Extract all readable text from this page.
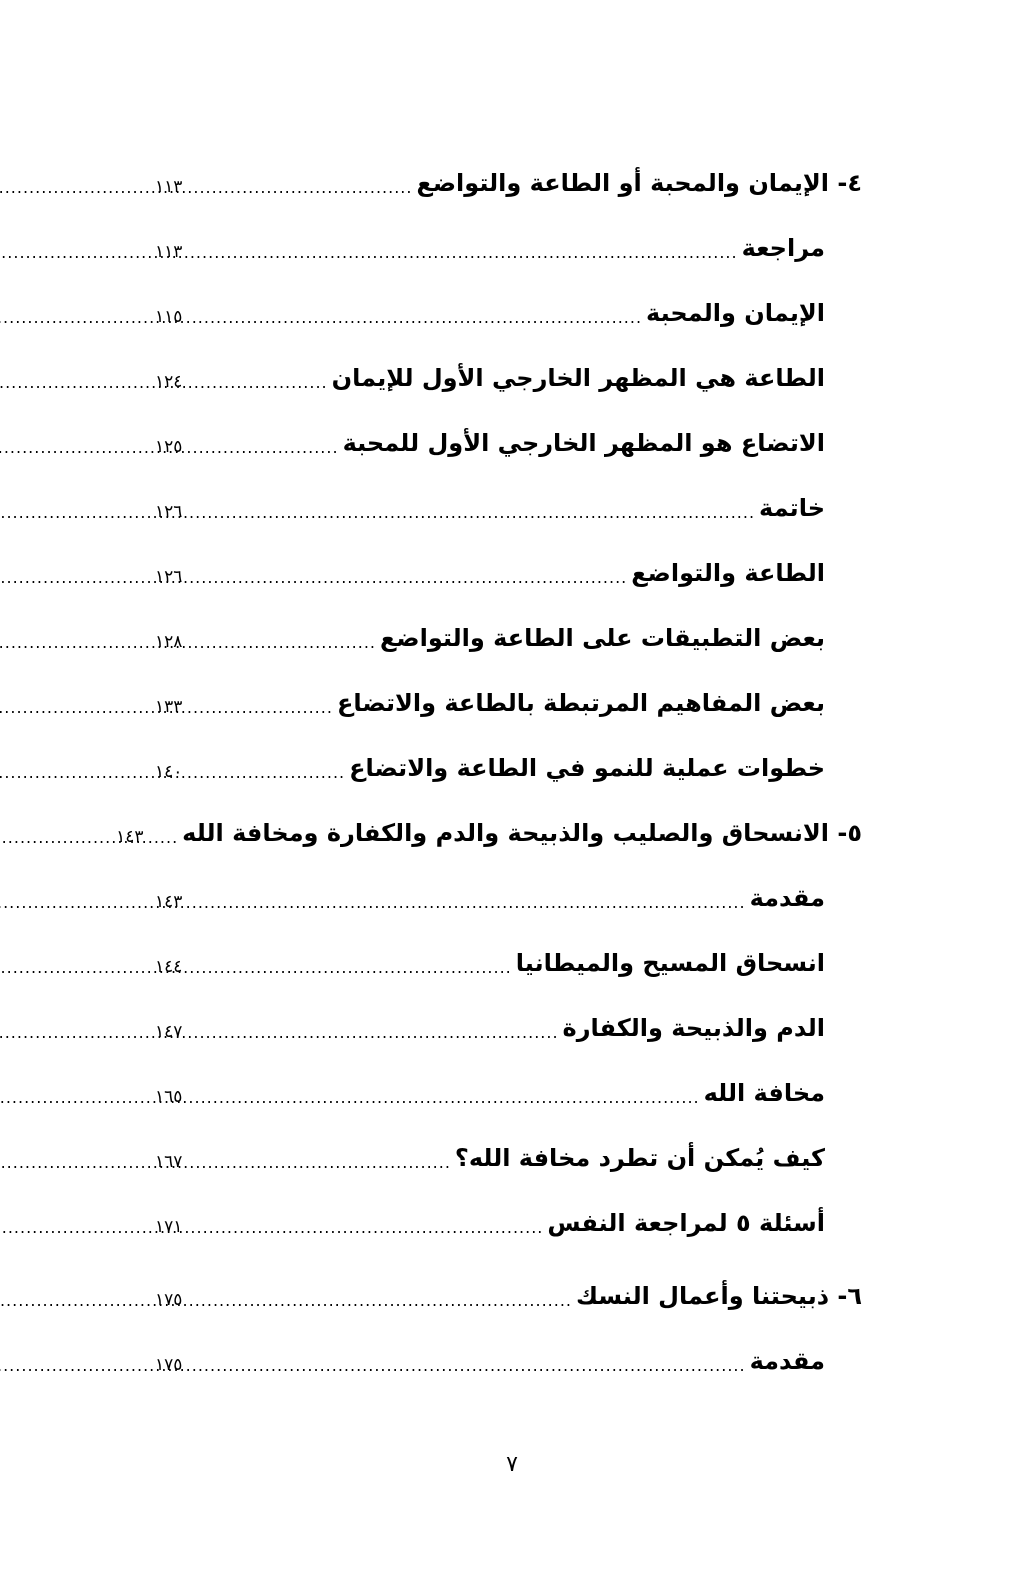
٤- الإيمان والمحبة أو الطاعة والتواضع
.....
١١٣
مراجعة
.....
١١٣
الإيمان والمحبة
.....
١١٥
الطاعة هي المظهر الخارجي الأول للإيمان
.....
١٢٤
الاتضاع هو المظهر الخارجي الأول للمحبة
.....
١٢٥
خاتمة
.....
١٢٦
الطاعة والتواضع
.....
١٢٦
بعض التطبيقات على الطاعة والتواضع
.....
١٢٨
بعض المفاهيم المرتبطة بالطاعة والاتضاع
.....
١٣٣
خطوات عملية للنمو في الطاعة والاتضاع
.....
١٤٠
٥- الانسحاق والصليب والذبيحة والدم والكفارة ومخافة الله
.....
١٤٣
مقدمة
.....
١٤٣
انسحاق المسيح والميطانيا
.....
١٤٤
الدم والذبيحة والكفارة
.....
١٤٧
مخافة الله
.....
١٦٥
كيف يُمكن أن تطرد مخافة الله؟
.....
١٦٧
أسئلة ٥ لمراجعة النفس
.....
١٧١
٦- ذبيحتنا وأعمال النسك
.....
١٧٥
مقدمة
.....
١٧٥
٧
